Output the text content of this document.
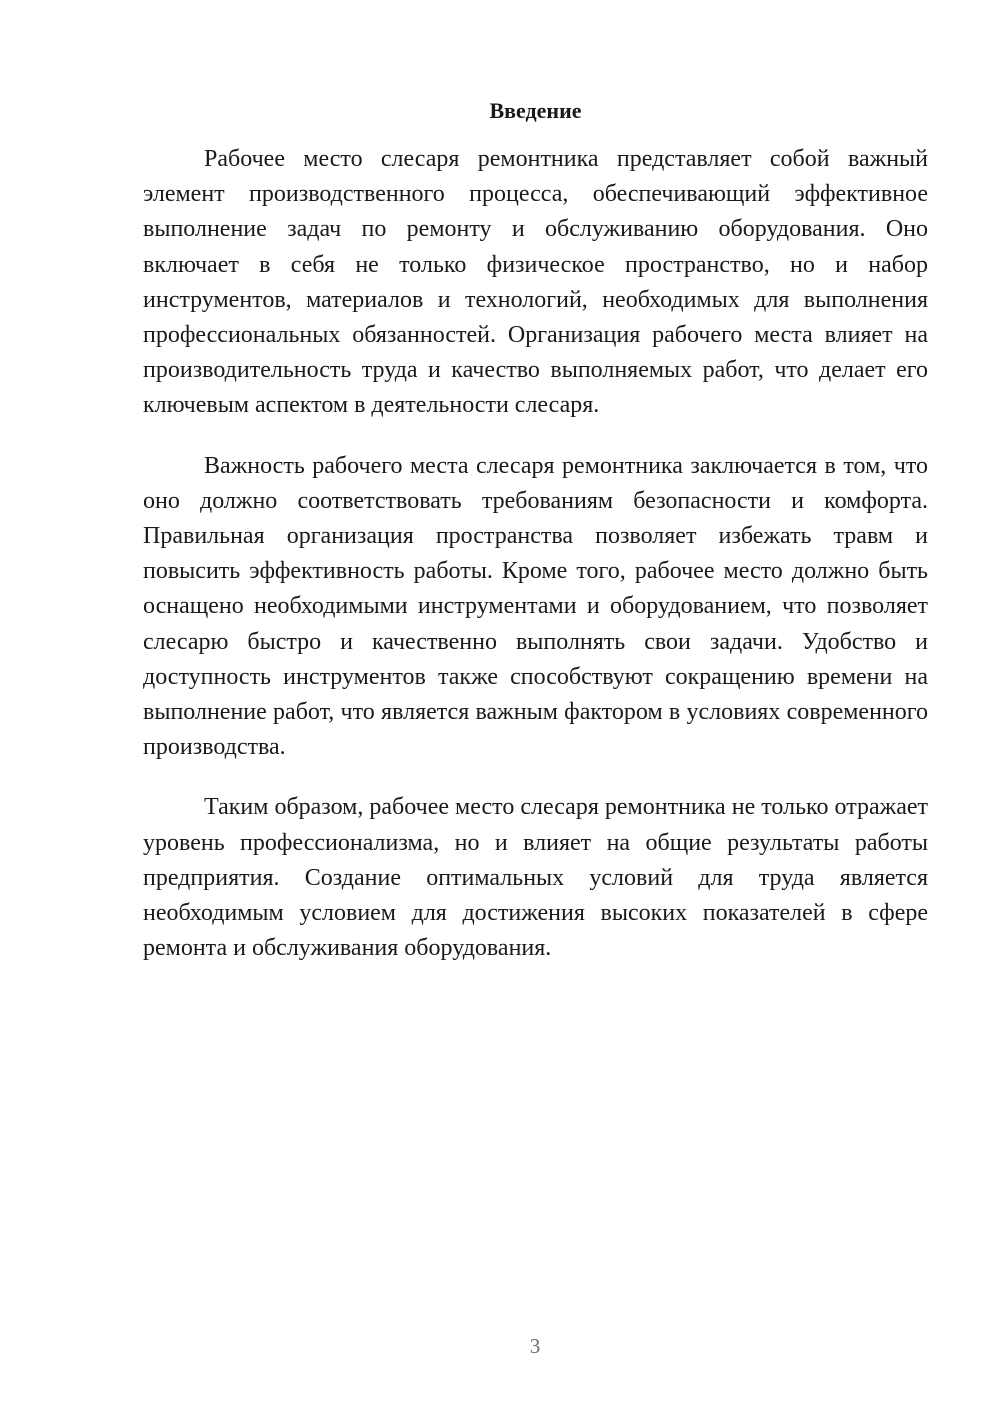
Введение

Рабочее место слесаря ремонтника представляет собой важный элемент производственного процесса, обеспечивающий эффективное выполнение задач по ремонту и обслуживанию оборудования. Оно включает в себя не только физическое пространство, но и набор инструментов, материалов и технологий, необходимых для выполнения профессиональных обязанностей. Организация рабочего места влияет на производительность труда и качество выполняемых работ, что делает его ключевым аспектом в деятельности слесаря.

Важность рабочего места слесаря ремонтника заключается в том, что оно должно соответствовать требованиям безопасности и комфорта. Правильная организация пространства позволяет избежать травм и повысить эффективность работы. Кроме того, рабочее место должно быть оснащено необходимыми инструментами и оборудованием, что позволяет слесарю быстро и качественно выполнять свои задачи. Удобство и доступность инструментов также способствуют сокращению времени на выполнение работ, что является важным фактором в условиях современного производства.

Таким образом, рабочее место слесаря ремонтника не только отражает уровень профессионализма, но и влияет на общие результаты работы предприятия. Создание оптимальных условий для труда является необходимым условием для достижения высоких показателей в сфере ремонта и обслуживания оборудования.

3
